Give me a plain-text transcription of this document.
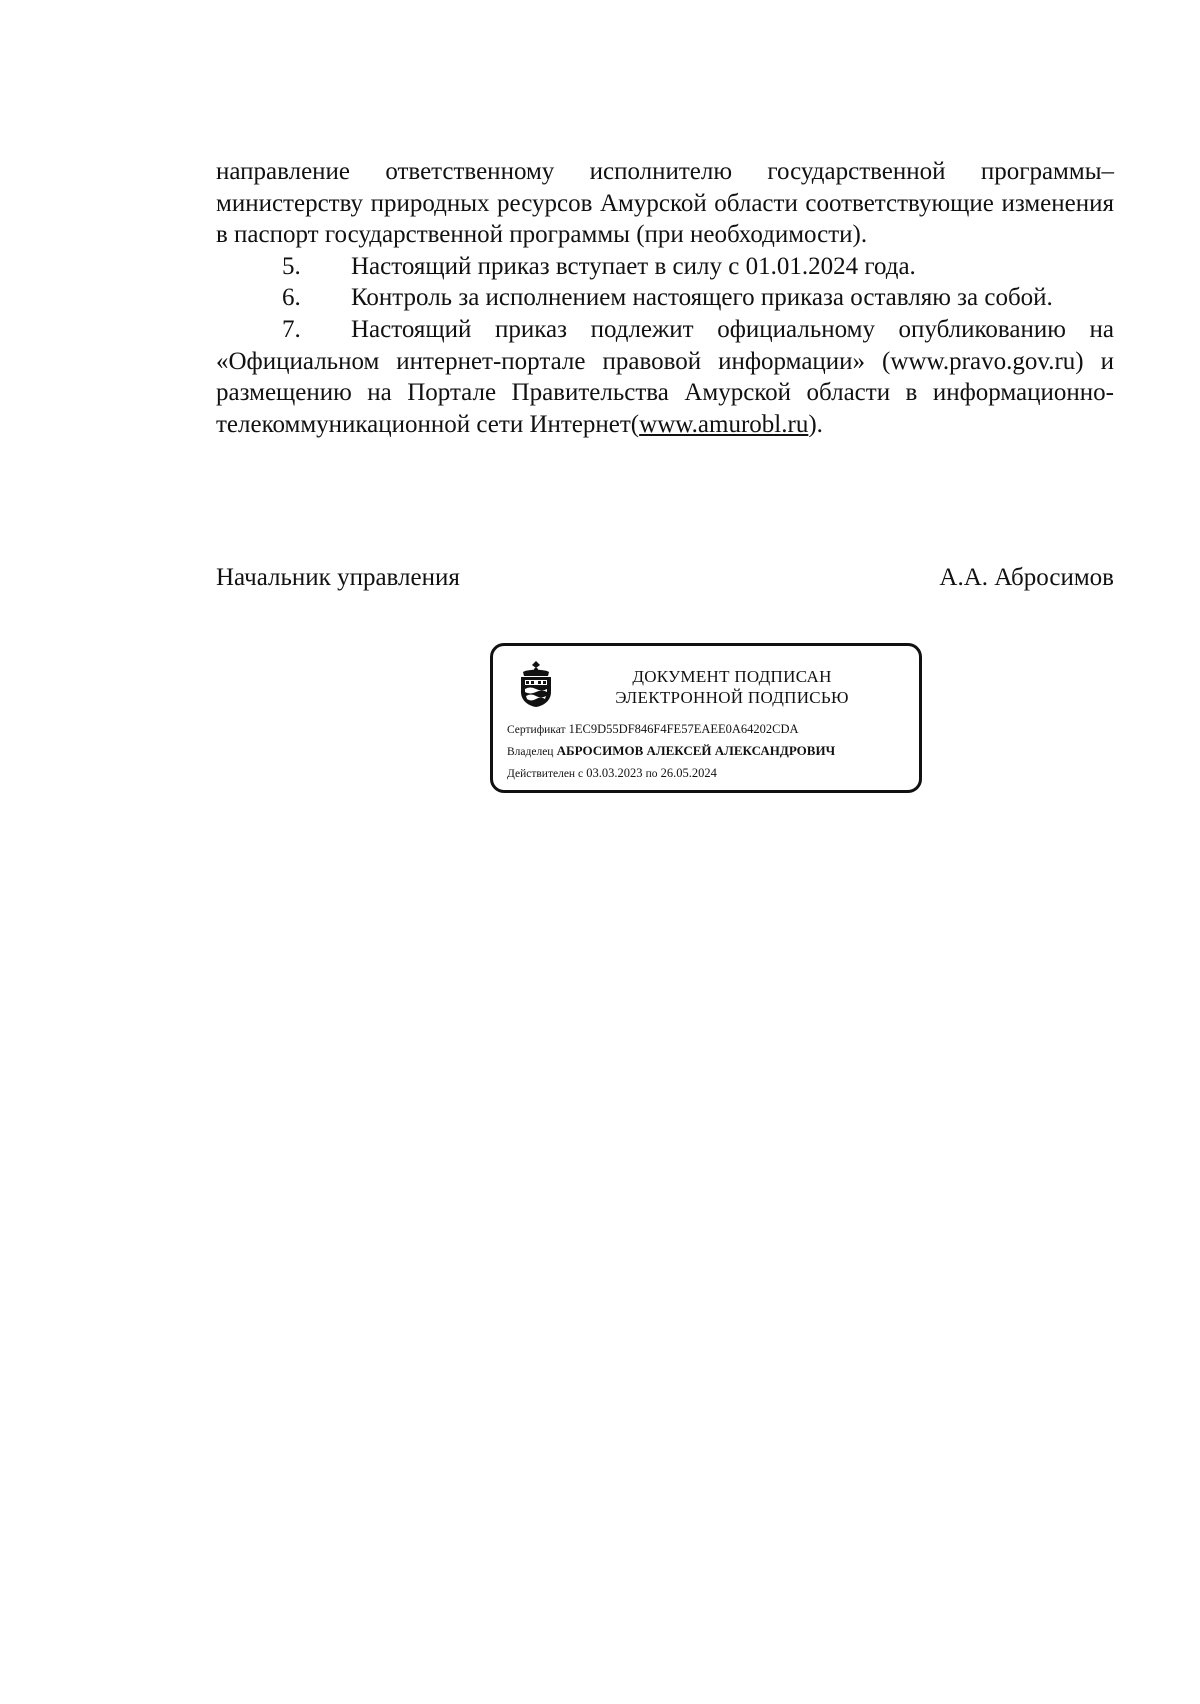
направление ответственному исполнителю государственной программы–министерству природных ресурсов Амурской области соответствующие изменения в паспорт государственной программы (при необходимости).

5. Настоящий приказ вступает в силу с 01.01.2024 года.

6. Контроль за исполнением настоящего приказа оставляю за собой.

7. Настоящий приказ подлежит официальному опубликованию на «Официальном интернет-портале правовой информации» (www.pravo.gov.ru) и размещению на Портале Правительства Амурской области в информационно-телекоммуникационной сети Интернет(www.amurobl.ru).

Начальник управления	А.А. Абросимов
ДОКУМЕНТ ПОДПИСАН
ЭЛЕКТРОННОЙ ПОДПИСЬЮ
Сертификат 1EC9D55DF846F4FE57EAEE0A64202CDA
Владелец АБРОСИМОВ АЛЕКСЕЙ АЛЕКСАНДРОВИЧ
Действителен с 03.03.2023 по 26.05.2024
